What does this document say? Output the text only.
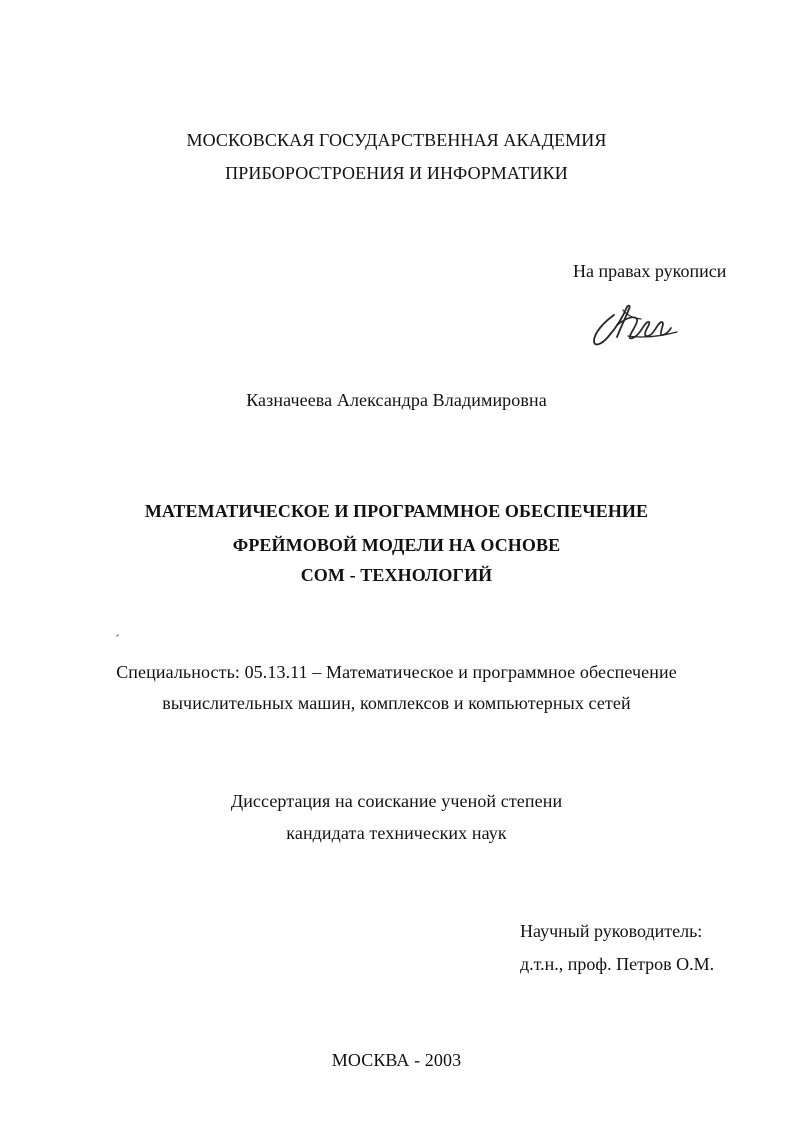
МОСКОВСКАЯ ГОСУДАРСТВЕННАЯ АКАДЕМИЯ
ПРИБОРОСТРОЕНИЯ И ИНФОРМАТИКИ
На правах рукописи
Казначеева Александра Владимировна
МАТЕМАТИЧЕСКОЕ И ПРОГРАММНОЕ ОБЕСПЕЧЕНИЕ
ФРЕЙМОВОЙ МОДЕЛИ НА ОСНОВЕ
COM - ТЕХНОЛОГИЙ
Специальность: 05.13.11 – Математическое и программное обеспечение
вычислительных машин, комплексов и компьютерных сетей
Диссертация на соискание ученой степени
кандидата технических наук
Научный руководитель:
д.т.н., проф. Петров О.М.
МОСКВА - 2003
